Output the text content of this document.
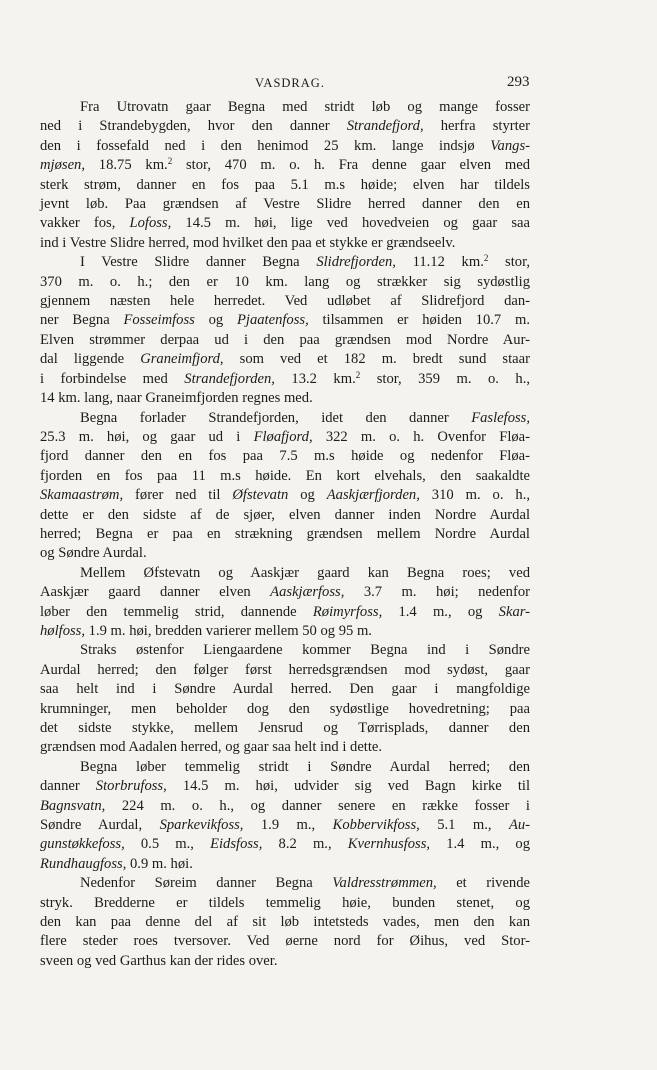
VASDRAG.	293
Fra Utrovatn gaar Begna med stridt løb og mange fosser
ned i Strandebygden, hvor den danner Strandefjord, herfra styrter
den i fossefald ned i den henimod 25 km. lange indsjø Vangs-
mjøsen, 18.75 km.$^2$ stor, 470 m. o. h. Fra denne gaar elven med
sterk strøm, danner en fos paa 5.1 m.s høide; elven har tildels
jevnt løb. Paa grændsen af Vestre Slidre herred danner den en
vakker fos, Lofoss, 14.5 m. høi, lige ved hovedveien og gaar saa
ind i Vestre Slidre herred, mod hvilket den paa et stykke er grændseelv.
I Vestre Slidre danner Begna Slidrefjorden, 11.12 km.$^2$ stor,
370 m. o. h.; den er 10 km. lang og strækker sig sydøstlig
gjennem næsten hele herredet. Ved udløbet af Slidrefjord dan-
ner Begna Fosseimfoss og Pjaatenfoss, tilsammen er høiden 10.7 m.
Elven strømmer derpaa ud i den paa grændsen mod Nordre Aur-
dal liggende Graneimfjord, som ved et 182 m. bredt sund staar
i forbindelse med Strandefjorden, 13.2 km.$^2$ stor, 359 m. o. h.,
14 km. lang, naar Graneimfjorden regnes med.
Begna forlader Strandefjorden, idet den danner Faslefoss,
25.3 m. høi, og gaar ud i Fløafjord, 322 m. o. h. Ovenfor Fløa-
fjord danner den en fos paa 7.5 m.s høide og nedenfor Fløa-
fjorden en fos paa 11 m.s høide. En kort elvehals, den saakaldte
Skamaastrøm, fører ned til Øfstevatn og Aaskjærfjorden, 310 m. o. h.,
dette er den sidste af de sjøer, elven danner inden Nordre Aurdal
herred; Begna er paa en strækning grændsen mellem Nordre Aurdal
og Søndre Aurdal.
Mellem Øfstevatn og Aaskjær gaard kan Begna roes; ved
Aaskjær gaard danner elven Aaskjærfoss, 3.7 m. høi; nedenfor
løber den temmelig strid, dannende Røimyrfoss, 1.4 m., og Skar-
hølfoss, 1.9 m. høi, bredden varierer mellem 50 og 95 m.
Straks østenfor Liengaardene kommer Begna ind i Søndre
Aurdal herred; den følger først herredsgrændsen mod sydøst, gaar
saa helt ind i Søndre Aurdal herred. Den gaar i mangfoldige
krumninger, men beholder dog den sydøstlige hovedretning; paa
det sidste stykke, mellem Jensrud og Tørrisplads, danner den
grændsen mod Aadalen herred, og gaar saa helt ind i dette.
Begna løber temmelig stridt i Søndre Aurdal herred; den
danner Storbrufoss, 14.5 m. høi, udvider sig ved Bagn kirke til
Bagnsvatn, 224 m. o. h., og danner senere en række fosser i
Søndre Aurdal, Sparkevikfoss, 1.9 m., Kobbervikfoss, 5.1 m., Au-
gunstøkkefoss, 0.5 m., Eidsfoss, 8.2 m., Kvernhusfoss, 1.4 m., og
Rundhaugfoss, 0.9 m. høi.
Nedenfor Søreim danner Begna Valdresstrømmen, et rivende
stryk. Bredderne er tildels temmelig høie, bunden stenet, og
den kan paa denne del af sit løb intetsteds vades, men den kan
flere steder roes tversover. Ved øerne nord for Øihus, ved Stor-
sveen og ved Garthus kan der rides over.
